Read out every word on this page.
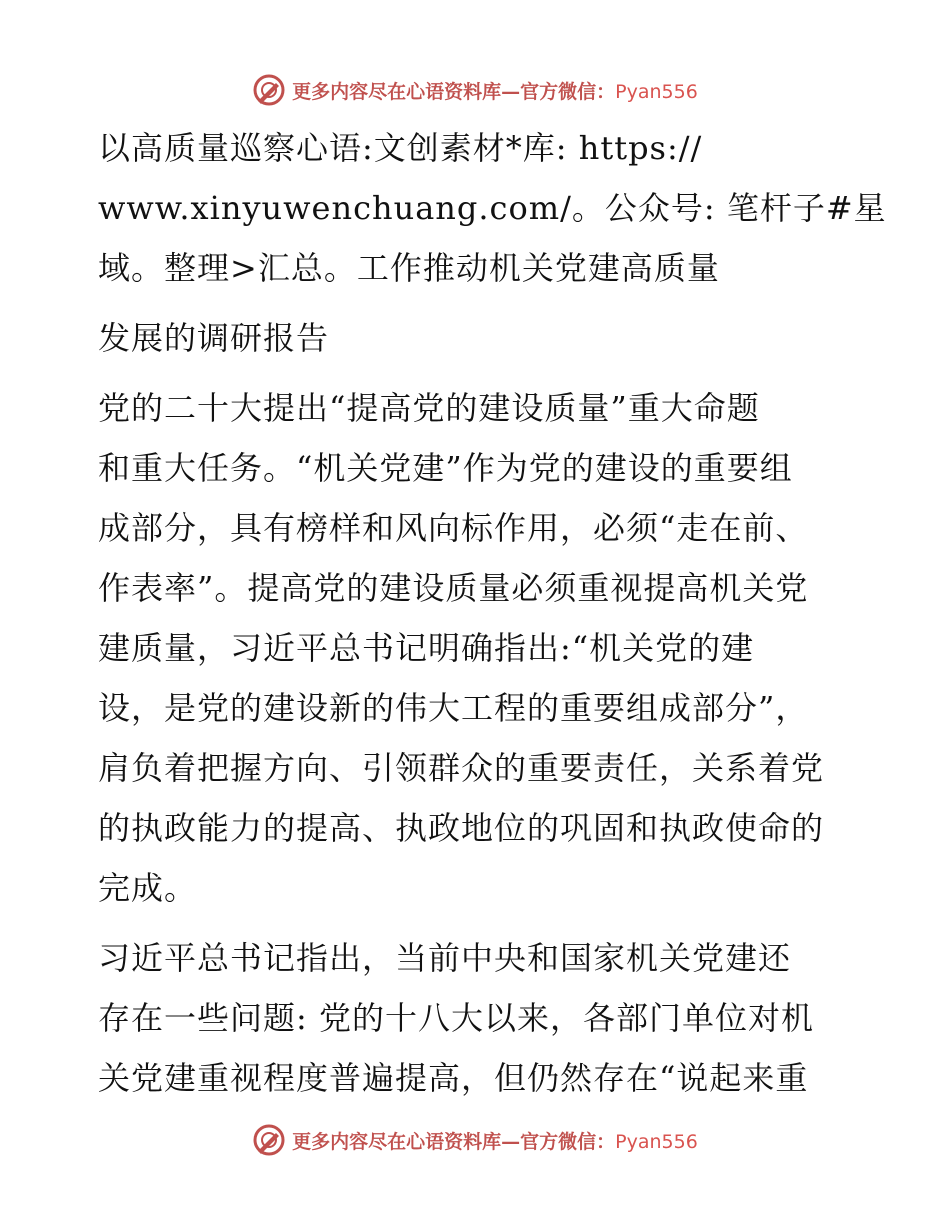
更多内容尽在心语资料库—官方微信：Pyan556

以高质量巡察心语:文创素材*库: https://
www.xinyuwenchuang.com/。公众号: 笔杆子#星
域。整理>汇总。工作推动机关党建高质量

发展的调研报告

党的二十大提出“提高党的建设质量”重大命题
和重大任务。“机关党建”作为党的建设的重要组
成部分，具有榜样和风向标作用，必须“走在前、
作表率”。提高党的建设质量必须重视提高机关党
建质量，习近平总书记明确指出:“机关党的建
设，是党的建设新的伟大工程的重要组成部分”，
肩负着把握方向、引领群众的重要责任，关系着党
的执政能力的提高、执政地位的巩固和执政使命的
完成。

习近平总书记指出，当前中央和国家机关党建还
存在一些问题: 党的十八大以来，各部门单位对机
关党建重视程度普遍提高，但仍然存在“说起来重

更多内容尽在心语资料库—官方微信：Pyan556
